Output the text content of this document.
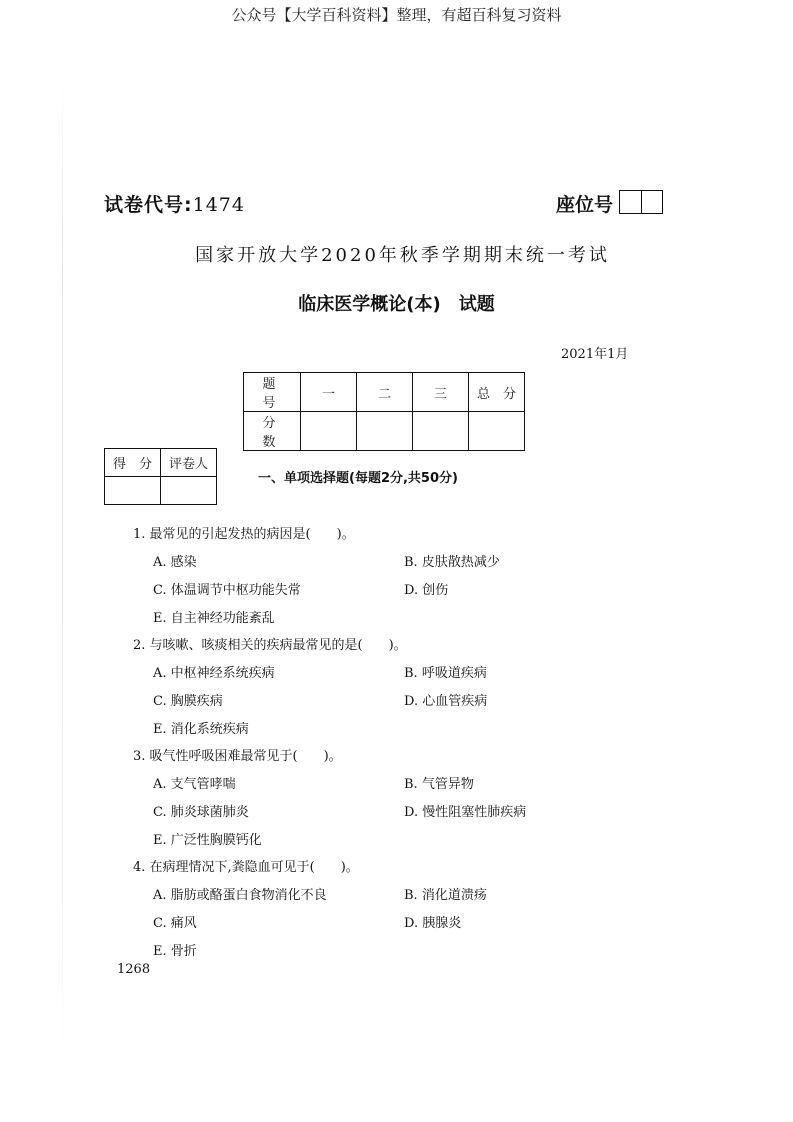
公众号【大学百科资料】整理，有超百科复习资料
试卷代号:1474	座位号
国家开放大学2020年秋季学期期末统一考试
临床医学概论(本)　试题
2021年1月
题　号	一	二	三	总　分
分　数				
得　分	评卷人

一、单项选择题(每题2分,共50分)
1. 最常见的引起发热的病因是(　　)。
A. 感染	B. 皮肤散热减少
C. 体温调节中枢功能失常	D. 创伤
E. 自主神经功能紊乱
2. 与咳嗽、咳痰相关的疾病最常见的是(　　)。
A. 中枢神经系统疾病	B. 呼吸道疾病
C. 胸膜疾病	D. 心血管疾病
E. 消化系统疾病
3. 吸气性呼吸困难最常见于(　　)。
A. 支气管哮喘	B. 气管异物
C. 肺炎球菌肺炎	D. 慢性阻塞性肺疾病
E. 广泛性胸膜钙化
4. 在病理情况下,粪隐血可见于(　　)。
A. 脂肪或酪蛋白食物消化不良	B. 消化道溃疡
C. 痛风	D. 胰腺炎
E. 骨折
1268
